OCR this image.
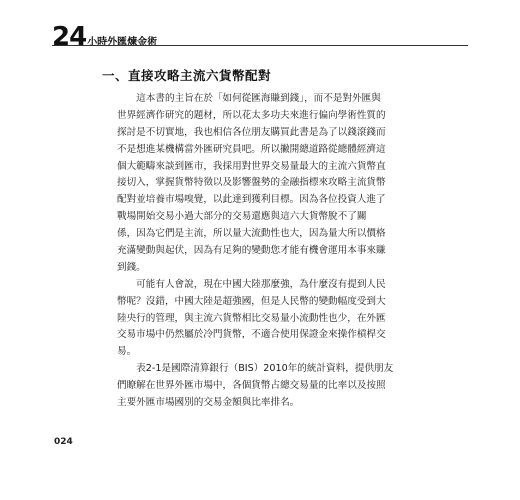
24 小時外匯煉金術
一、直接攻略主流六貨幣配對
　　這本書的主旨在於「如何從匯海賺到錢」，而不是對外匯與
世界經濟作研究的題材，所以花太多功夫來進行偏向學術性質的
探討是不切實地，我也相信各位朋友購買此書是為了以錢滾錢而
不是想進某機構當外匯研究員吧。所以撇開總道路從總體經濟這
個大範疇來談到匯市，我採用對世界交易量最大的主流六貨幣直
接切入，掌握貨幣特徵以及影響盤勢的金融指標來攻略主流貨幣
配對並培養市場嗅覺，以此達到獲利目標。因為各位投資人進了
戰場開始交易小過大部分的交易還應與這六大貨幣脫不了關
係，因為它們是主流，所以量大流動性也大，因為量大所以價格
充滿變動與起伏，因為有足夠的變動您才能有機會運用本事來賺
到錢。
　　可能有人會說，現在中國大陸那麼強，為什麼沒有提到人民
幣呢？沒錯，中國大陸是超強國，但是人民幣的變動幅度受到大
陸央行的管理，與主流六貨幣相比交易量小流動性也少，在外匯
交易市場中仍然屬於冷門貨幣，不適合使用保證金來操作槓桿交
易。
　　表2-1是國際清算銀行（BIS）2010年的統計資料，提供朋友
們瞭解在世界外匯市場中，各個貨幣占總交易量的比率以及按照
主要外匯市場國別的交易金額與比率排名。
024
